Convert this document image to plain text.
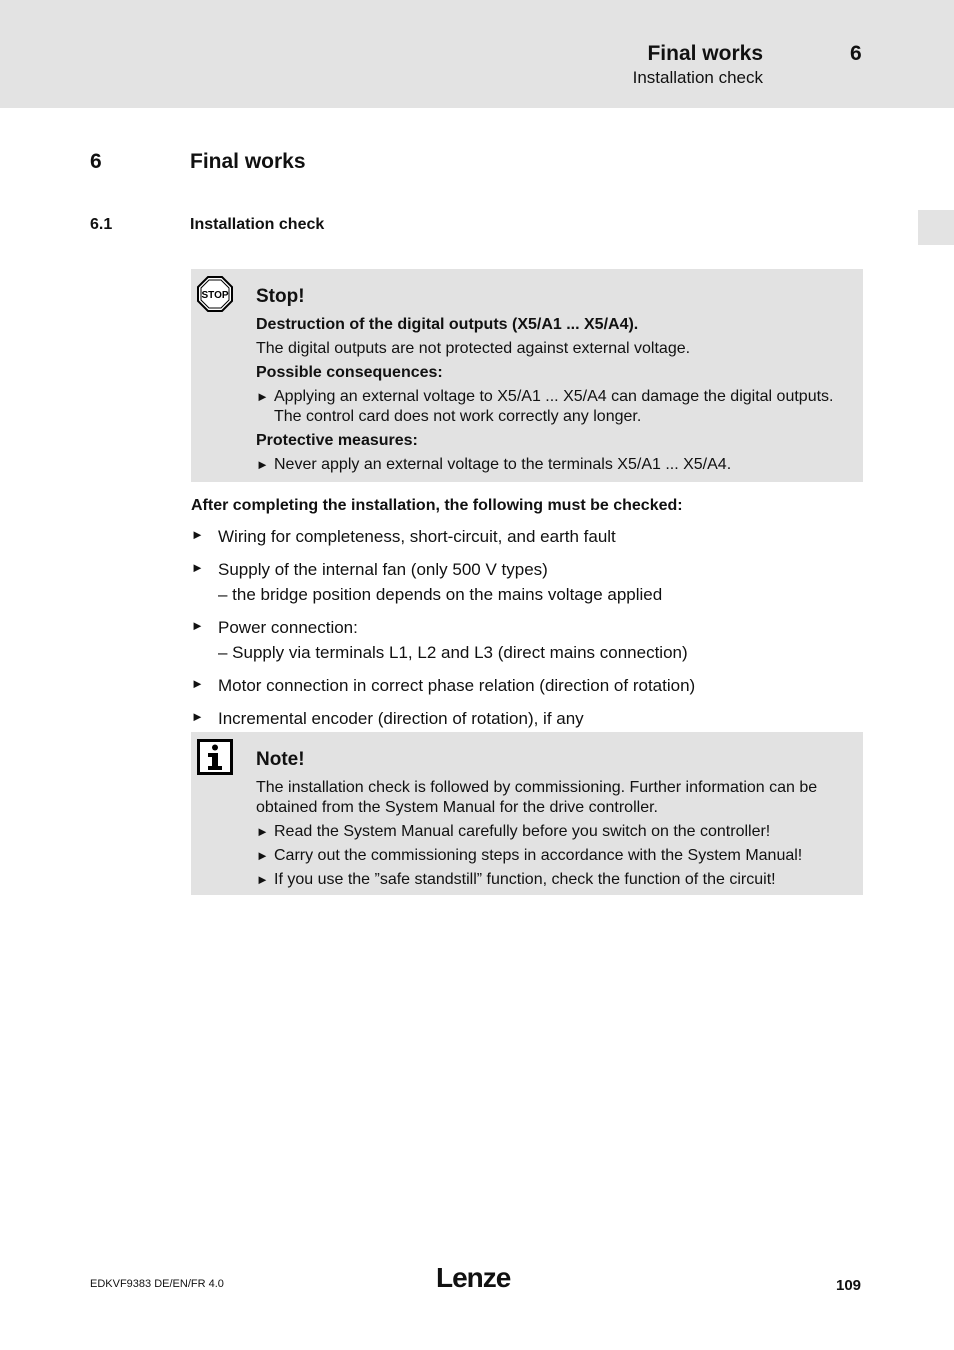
Final works
Installation check
6
6	Final works
6.1	Installation check
STOP Stop!
Destruction of the digital outputs (X5/A1 ... X5/A4).
The digital outputs are not protected against external voltage.
Possible consequences:
► Applying an external voltage to X5/A1 ... X5/A4 can damage the digital outputs. The control card does not work correctly any longer.
Protective measures:
► Never apply an external voltage to the terminals X5/A1 ... X5/A4.
After completing the installation, the following must be checked:
► Wiring for completeness, short-circuit, and earth fault
► Supply of the internal fan (only 500 V types)
– the bridge position depends on the mains voltage applied
► Power connection:
– Supply via terminals L1, L2 and L3 (direct mains connection)
► Motor connection in correct phase relation (direction of rotation)
► Incremental encoder (direction of rotation), if any
Note!
The installation check is followed by commissioning. Further information can be obtained from the System Manual for the drive controller.
► Read the System Manual carefully before you switch on the controller!
► Carry out the commissioning steps in accordance with the System Manual!
► If you use the ”safe standstill” function, check the function of the circuit!
EDKVF9383 DE/EN/FR 4.0	Lenze	109
